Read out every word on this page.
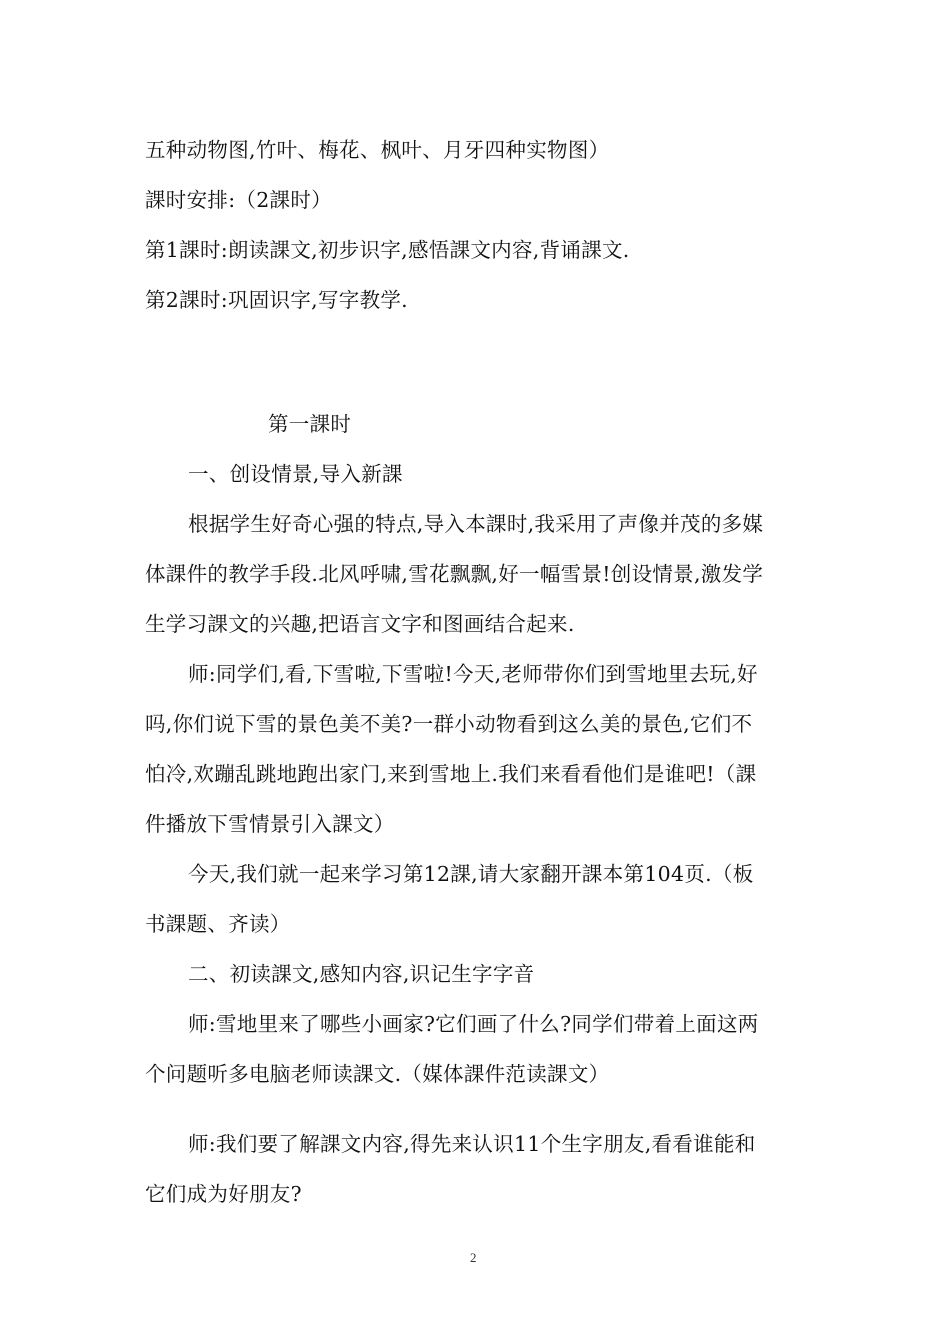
五种动物图,竹叶、梅花、枫叶、月牙四种实物图）
課时安排:（2課时）
第1課时:朗读課文,初步识字,感悟課文内容,背诵課文.
第2課时:巩固识字,写字教学.
第一課时
一、创设情景,导入新課
根据学生好奇心强的特点,导入本課时,我采用了声像并茂的多媒
体課件的教学手段.北风呼啸,雪花飘飘,好一幅雪景!创设情景,激发学
生学习課文的兴趣,把语言文字和图画结合起来.
师:同学们,看,下雪啦,下雪啦!今天,老师带你们到雪地里去玩,好
吗,你们说下雪的景色美不美?一群小动物看到这么美的景色,它们不
怕冷,欢蹦乱跳地跑出家门,来到雪地上.我们来看看他们是谁吧!（課
件播放下雪情景引入課文）
今天,我们就一起来学习第12課,请大家翻开課本第104页.（板
书課题、齐读）
二、初读課文,感知内容,识记生字字音
师:雪地里来了哪些小画家?它们画了什么?同学们带着上面这两
个问题听多电脑老师读課文.（媒体課件范读課文）
师:我们要了解課文内容,得先来认识11个生字朋友,看看谁能和
它们成为好朋友?
2
